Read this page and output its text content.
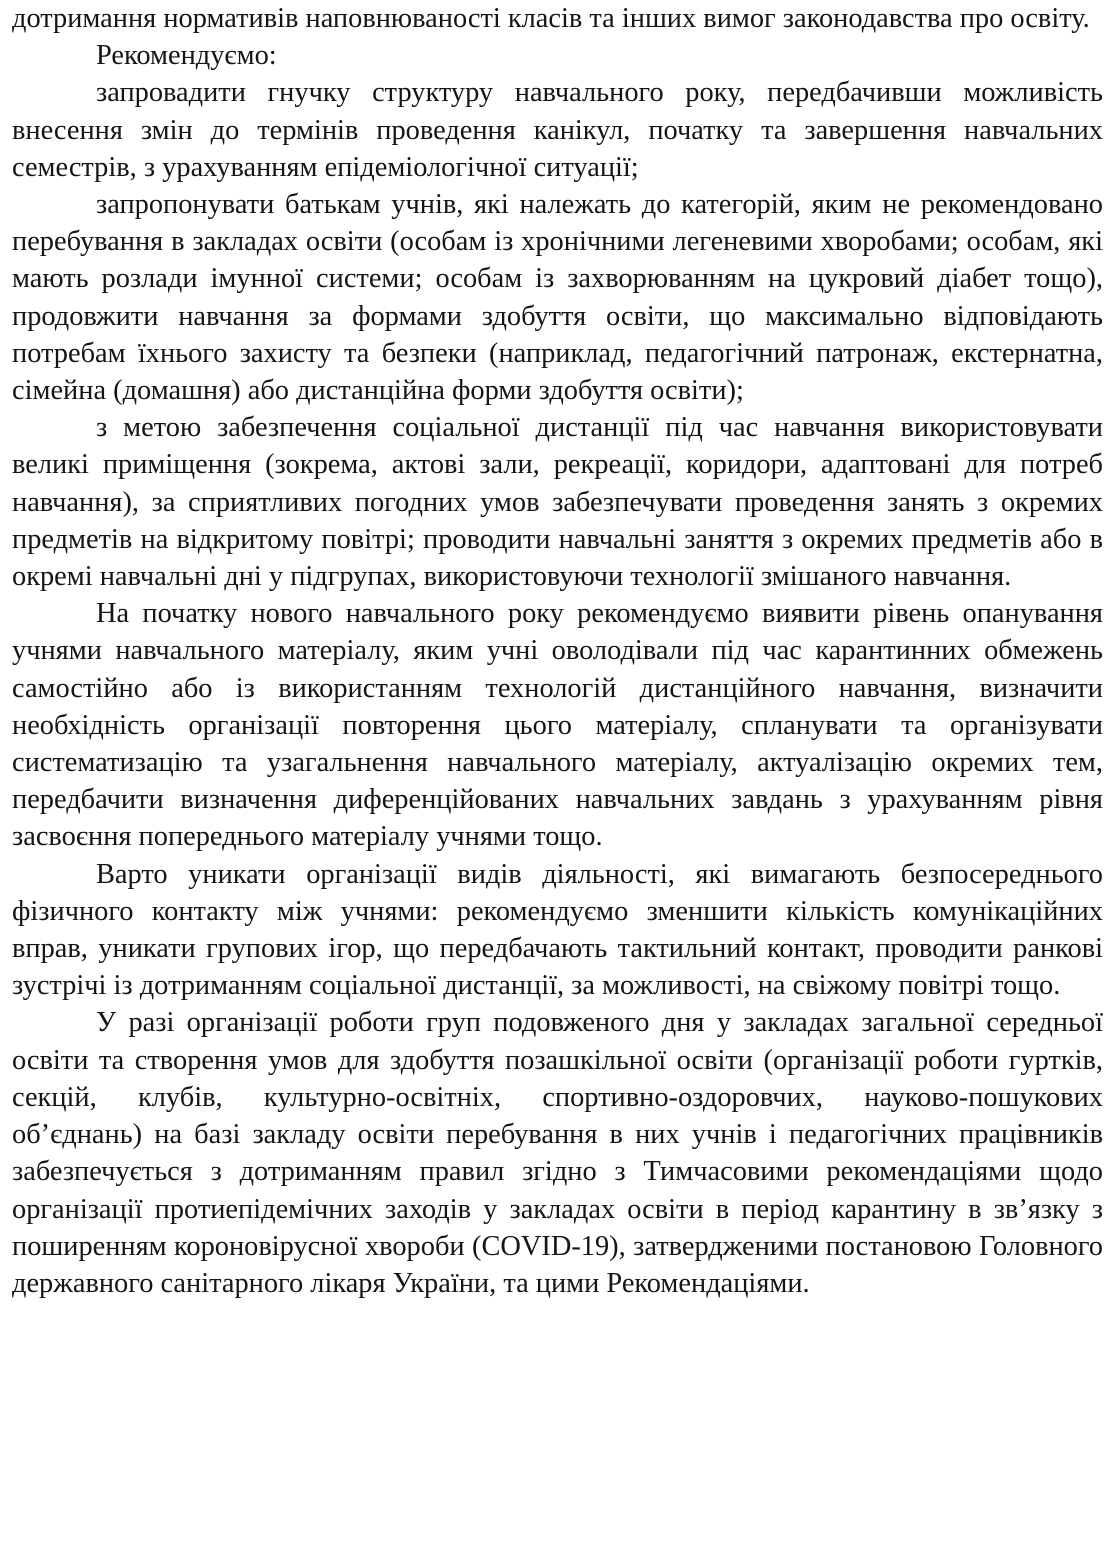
дотримання нормативів наповнюваності класів та інших вимог законодавства про освіту.

Рекомендуємо:

запровадити гнучку структуру навчального року, передбачивши можливість внесення змін до термінів проведення канікул, початку та завершення навчальних семестрів, з урахуванням епідеміологічної ситуації;

запропонувати батькам учнів, які належать до категорій, яким не рекомендовано перебування в закладах освіти (особам із хронічними легеневими хворобами; особам, які мають розлади імунної системи; особам із захворюванням на цукровий діабет тощо), продовжити навчання за формами здобуття освіти, що максимально відповідають потребам їхнього захисту та безпеки (наприклад, педагогічний патронаж, екстернатна, сімейна (домашня) або дистанційна форми здобуття освіти);

з метою забезпечення соціальної дистанції під час навчання використовувати великі приміщення (зокрема, актові зали, рекреації, коридори, адаптовані для потреб навчання), за сприятливих погодних умов забезпечувати проведення занять з окремих предметів на відкритому повітрі; проводити навчальні заняття з окремих предметів або в окремі навчальні дні у підгрупах, використовуючи технології змішаного навчання.

На початку нового навчального року рекомендуємо виявити рівень опанування учнями навчального матеріалу, яким учні оволодівали під час карантинних обмежень самостійно або із використанням технологій дистанційного навчання, визначити необхідність організації повторення цього матеріалу, спланувати та організувати систематизацію та узагальнення навчального матеріалу, актуалізацію окремих тем, передбачити визначення диференційованих навчальних завдань з урахуванням рівня засвоєння попереднього матеріалу учнями тощо.

Варто уникати організації видів діяльності, які вимагають безпосереднього фізичного контакту між учнями: рекомендуємо зменшити кількість комунікаційних вправ, уникати групових ігор, що передбачають тактильний контакт, проводити ранкові зустрічі із дотриманням соціальної дистанції, за можливості, на свіжому повітрі тощо.

У разі організації роботи груп подовженого дня у закладах загальної середньої освіти та створення умов для здобуття позашкільної освіти (організації роботи гуртків, секцій, клубів, культурно-освітніх, спортивно-оздоровчих, науково-пошукових об’єднань) на базі закладу освіти перебування в них учнів і педагогічних працівників забезпечується з дотриманням правил згідно з Тимчасовими рекомендаціями щодо організації протиепідемічних заходів у закладах освіти в період карантину в зв’язку з поширенням короновірусної хвороби (COVID-19), затвердженими постановою Головного державного санітарного лікаря України, та цими Рекомендаціями.
